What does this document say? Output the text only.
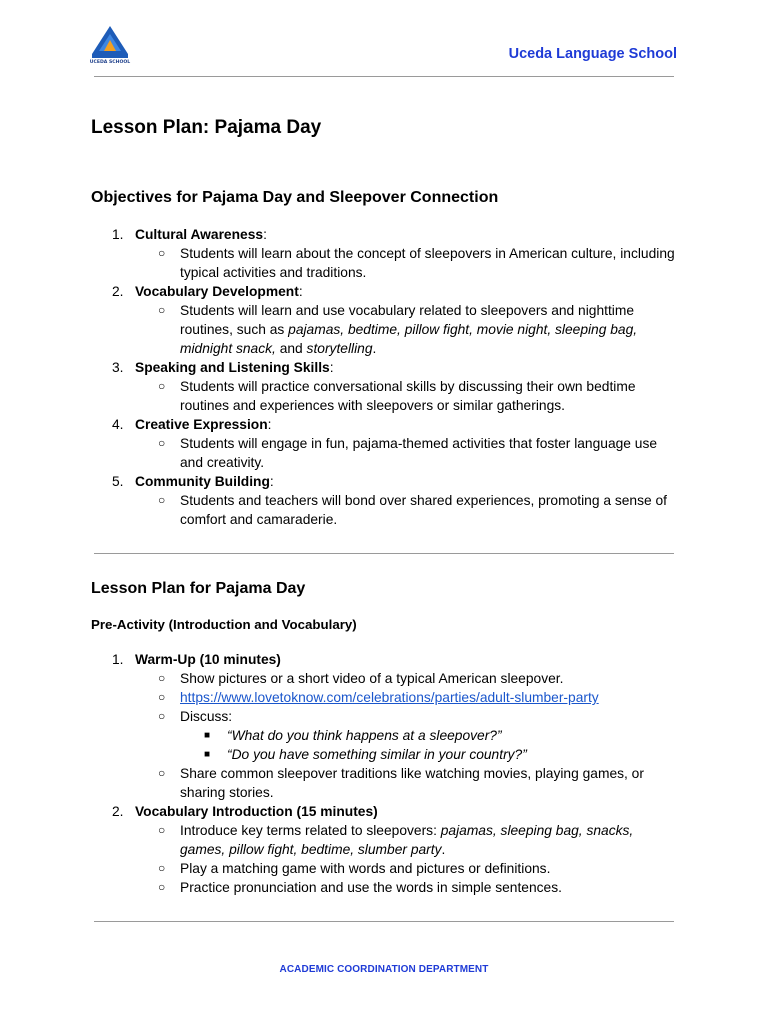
UCEDA SCHOOL
Uceda Language School
Lesson Plan: Pajama Day
Objectives for Pajama Day and Sleepover Connection
1. Cultural Awareness:
○ Students will learn about the concept of sleepovers in American culture, including typical activities and traditions.
2. Vocabulary Development:
○ Students will learn and use vocabulary related to sleepovers and nighttime routines, such as pajamas, bedtime, pillow fight, movie night, sleeping bag, midnight snack, and storytelling.
3. Speaking and Listening Skills:
○ Students will practice conversational skills by discussing their own bedtime routines and experiences with sleepovers or similar gatherings.
4. Creative Expression:
○ Students will engage in fun, pajama-themed activities that foster language use and creativity.
5. Community Building:
○ Students and teachers will bond over shared experiences, promoting a sense of comfort and camaraderie.
Lesson Plan for Pajama Day
Pre-Activity (Introduction and Vocabulary)
1. Warm-Up (10 minutes)
○ Show pictures or a short video of a typical American sleepover.
○ https://www.lovetoknow.com/celebrations/parties/adult-slumber-party
○ Discuss:
■ “What do you think happens at a sleepover?”
■ “Do you have something similar in your country?”
○ Share common sleepover traditions like watching movies, playing games, or sharing stories.
2. Vocabulary Introduction (15 minutes)
○ Introduce key terms related to sleepovers: pajamas, sleeping bag, snacks, games, pillow fight, bedtime, slumber party.
○ Play a matching game with words and pictures or definitions.
○ Practice pronunciation and use the words in simple sentences.
ACADEMIC COORDINATION DEPARTMENT
